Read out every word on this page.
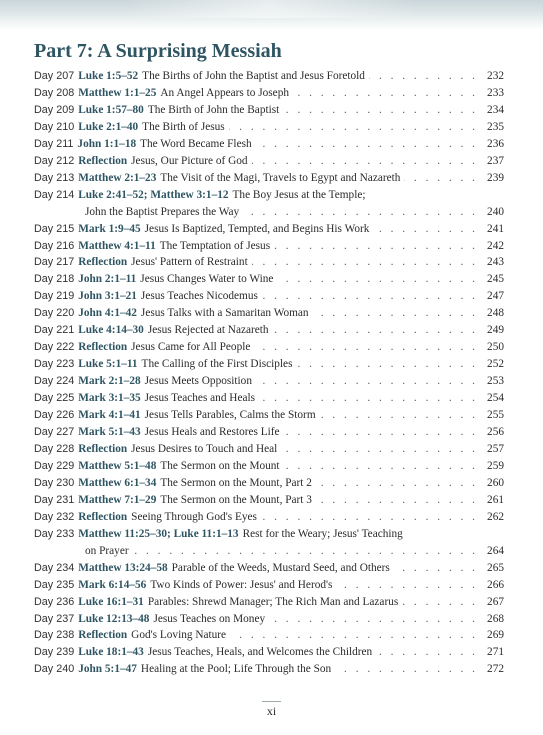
Part 7: A Surprising Messiah
Day 207 Luke 1:5–52 The Births of John the Baptist and Jesus Foretold . . .	232
Day 208 Matthew 1:1–25 An Angel Appears to Joseph . . .	233
Day 209 Luke 1:57–80 The Birth of John the Baptist . . .	234
Day 210 Luke 2:1–40 The Birth of Jesus . . .	235
Day 211 John 1:1–18 The Word Became Flesh . . .	236
Day 212 Reflection Jesus, Our Picture of God . . .	237
Day 213 Matthew 2:1–23 The Visit of the Magi, Travels to Egypt and Nazareth . . .	239
Day 214 Luke 2:41–52; Matthew 3:1–12 The Boy Jesus at the Temple;
John the Baptist Prepares the Way . . .	240
Day 215 Mark 1:9–45 Jesus Is Baptized, Tempted, and Begins His Work . . .	241
Day 216 Matthew 4:1–11 The Temptation of Jesus . . .	242
Day 217 Reflection Jesus' Pattern of Restraint . . .	243
Day 218 John 2:1–11 Jesus Changes Water to Wine . . .	245
Day 219 John 3:1–21 Jesus Teaches Nicodemus . . .	247
Day 220 John 4:1–42 Jesus Talks with a Samaritan Woman . . .	248
Day 221 Luke 4:14–30 Jesus Rejected at Nazareth . . .	249
Day 222 Reflection Jesus Came for All People . . .	250
Day 223 Luke 5:1–11 The Calling of the First Disciples . . .	252
Day 224 Mark 2:1–28 Jesus Meets Opposition . . .	253
Day 225 Mark 3:1–35 Jesus Teaches and Heals . . .	254
Day 226 Mark 4:1–41 Jesus Tells Parables, Calms the Storm . . .	255
Day 227 Mark 5:1–43 Jesus Heals and Restores Life . . .	256
Day 228 Reflection Jesus Desires to Touch and Heal . . .	257
Day 229 Matthew 5:1–48 The Sermon on the Mount . . .	259
Day 230 Matthew 6:1–34 The Sermon on the Mount, Part 2 . . .	260
Day 231 Matthew 7:1–29 The Sermon on the Mount, Part 3 . . .	261
Day 232 Reflection Seeing Through God's Eyes . . .	262
Day 233 Matthew 11:25–30; Luke 11:1–13 Rest for the Weary; Jesus' Teaching
on Prayer . . .	264
Day 234 Matthew 13:24–58 Parable of the Weeds, Mustard Seed, and Others . . .	265
Day 235 Mark 6:14–56 Two Kinds of Power: Jesus' and Herod's . . .	266
Day 236 Luke 16:1–31 Parables: Shrewd Manager; The Rich Man and Lazarus . . .	267
Day 237 Luke 12:13–48 Jesus Teaches on Money . . .	268
Day 238 Reflection God's Loving Nature . . .	269
Day 239 Luke 18:1–43 Jesus Teaches, Heals, and Welcomes the Children . . .	271
Day 240 John 5:1–47 Healing at the Pool; Life Through the Son . . .	272
xi
